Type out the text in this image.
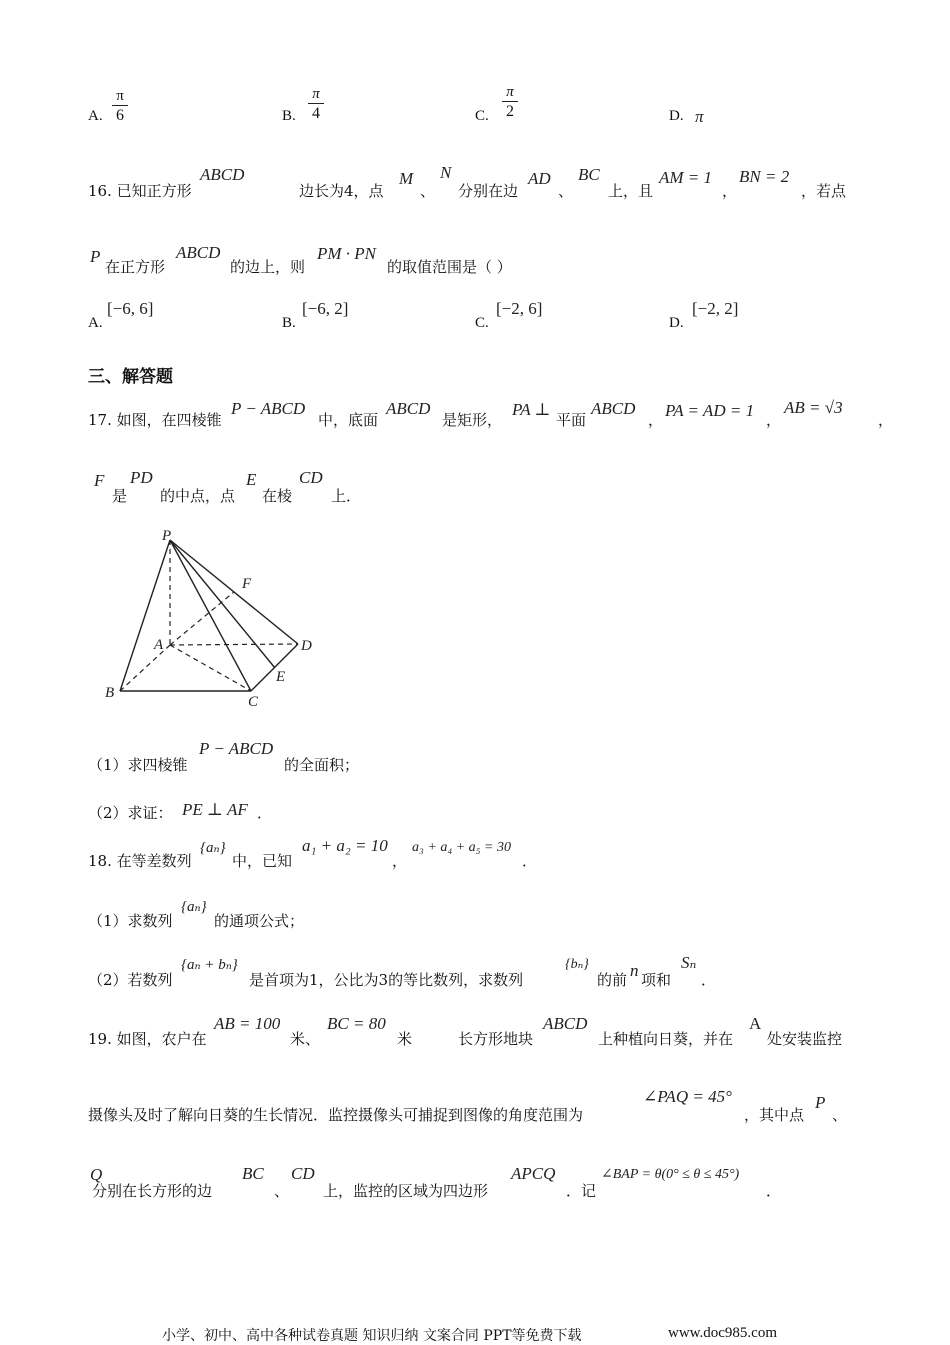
A.
π
6	B.
π
4	C.
π
2	D. π
16. 已知正方形
ABCD
边长为4，点
M
、
N
分别在边
AD
、
BC
上，且
AM = 1
，
BN = 2
，若点
P
在正方形
ABCD
的边上，则
PM · PN
的取值范围是（ ）
A.
[−6, 6]
B.
[−6, 2]
C.
[−2, 6]
D.
[−2, 2]
三、解答题
17. 如图，在四棱锥
P − ABCD
中，底面
ABCD
是矩形，
PA ⊥
平面
ABCD
， PA = AD = 1 ，
AB = √3
，
F
是
PD
的中点，点
E
在棱
CD
上．
P
F
A	D
E
B
C
（1）求四棱锥
P − ABCD
的全面积；
（2）求证： PE ⊥ AF ．
18. 在等差数列
{aₙ}
中，已知
a₁ + a₂ = 10
，
a₃ + a₄ + a₅ = 30
．
（1）求数列
{aₙ}
的通项公式；
（2）若数列
{aₙ + bₙ}
是首项为1，公比为3的等比数列，求数列
{bₙ}
的前 n 项和
Sₙ
．
19. 如图，农户在
AB = 100
米、
BC = 80
米	长方形地块
ABCD
上种植向日葵，并在
A
处安装监控
摄像头及时了解向日葵的生长情况．监控摄像头可捕捉到图像的角度范围为
∠PAQ = 45°
，其中点
P
、
Q
分别在长方形的边
BC
、
CD
上，监控的区域为四边形
APCQ
．记
∠BAP = θ(0° ≤ θ ≤ 45°)
．
小学、初中、高中各种试卷真题 知识归纳 文案合同 PPT等免费下载	www.doc985.com
